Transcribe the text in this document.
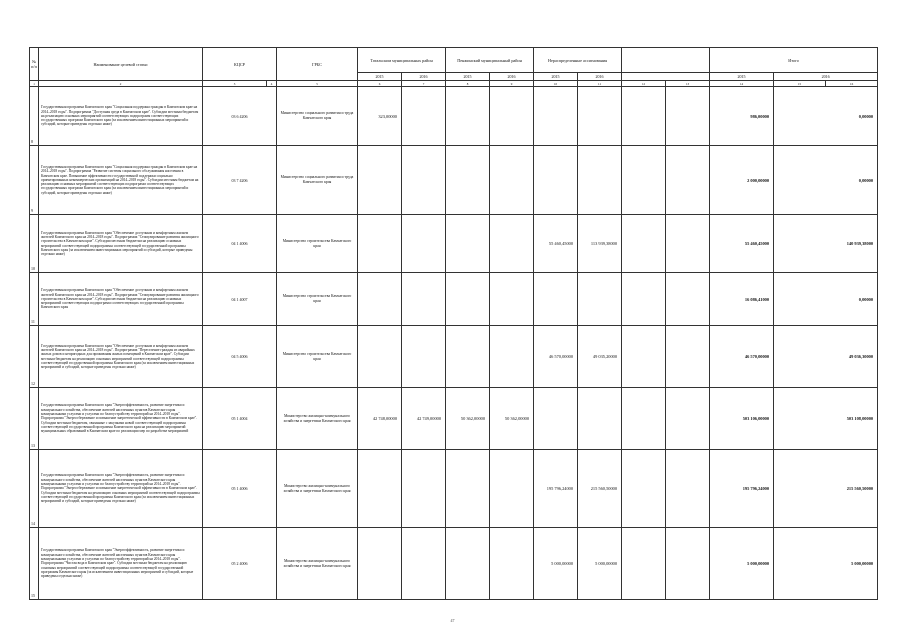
№ п/п	Наименование целевой статьи	КЦСР		ГРБС	Татальским муниципальных район		Пенжинский муниципальный район		Нераспределенные ассигнования				Итого		
					2015	2016	2015	2016	2015	2016			2015	2016	
1	2	3	4	5	6	7	8	9	10	11	12	13	14	15	16
8	Государственная программа Камчатского края "Социальная поддержка граждан в Камчатском крае на 2014–2018 годы". Подпрограмма "Доступная среда в Камчатском крае". Субсидии местным бюджетам на реализацию основных мероприятий соответствующих подпрограмм соответствующих государственных программ Камчатского края (за исключением инвестиционных мероприятий и субсидий, которые приведены отдельно ниже)	03 6 4206		Министерство социального развития и труда Камчатского края	323,00000								986,00000	0,00000	
9	Государственная программа Камчатского края "Социальная поддержка граждан в Камчатском крае на 2014–2018 годы". Подпрограмма "Развитие системы социального обслуживания населения в Камчатском крае. Повышение эффективности государственной поддержки социально ориентированных некоммерческих организаций на 2014–2018 годы". Субсидии местным бюджетам на реализацию основных мероприятий соответствующих подпрограмм соответствующих государственных программ Камчатского края (за исключением инвестиционных мероприятий и субсидий, которые приведены отдельно ниже)	03 7 4206		Министерство социального развития и труда Камчатского края									2 000,00000	0,00000	
10	Государственная программа Камчатского края "Обеспечение доступным и комфортным жильем жителей Камчатского края на 2014–2018 годы". Подпрограмма "Стимулирование развития жилищного строительства в Камчатском крае". Субсидии местным бюджетам на реализацию основных мероприятий соответствующей подпрограммы соответствующей государственной программы Камчатского края (за исключением инвестиционных мероприятий и субсидий, которые приведены отдельно ниже)	04 1 4006		Министерство строительства Камчатского края					55 460,45000	113 939,38000			55 460,45000	140 939,38000	
11	Государственная программа Камчатского края "Обеспечение доступным и комфортным жильем жителей Камчатского края на 2014–2018 годы". Подпрограмма "Стимулирование развития жилищного строительства в Камчатском крае". Субсидии местным бюджетам на реализацию основных мероприятий соответствующих подпрограмм соответствующих государственной программы Камчатского края	04 1 4007		Министерство строительства Камчатского края									16 086,41000	0,00000	
12	Государственная программа Камчатского края "Обеспечение доступным и комфортным жильем жителей Камчатского края на 2014–2018 годы". Подпрограмма "Переселение граждан из аварийных жилых домов и непригодных для проживания жилых помещений в Камчатском крае". Субсидии местным бюджетам на реализацию основных мероприятий соответствующей подпрограммы соответствующей государственной программы Камчатского края (за исключением инвестиционных мероприятий и субсидий, которые приведены отдельно ниже)	04 5 4006		Министерство строительства Камчатского края					46 570,00000	49 035,20000			46 570,00000	49 036,30000	
13	Государственная программа Камчатского края "Энергоэффективность, развитие энергетики и коммунального хозяйства, обеспечение жителей населенных пунктов Камчатского края коммунальными услугами и услугами по благоустройству территорий на 2014–2018 годы". Подпрограмма "Энергосбережение и повышение энергетической эффективности в Камчатском крае". Субсидии местным бюджетам, связанные с закупками новой соответствующей подпрограммы соответствующей государственной программы Камчатского края на реализацию мероприятий муниципальных образований в Камчатском крае по реализации мер по разработке мероприятий	05 1 4004		Министерство жилищно-коммунального хозяйства и энергетики Камчатского края	42 748,00000	42 749,00000	50 362,00000	50 362,00000					503 106,00000	503 108,00000	
14	Государственная программа Камчатского края "Энергоэффективность, развитие энергетики и коммунального хозяйства, обеспечение жителей населенных пунктов Камчатского края коммунальными услугами и услугами по благоустройству территорий на 2014–2018 годы". Подпрограмма "Энергосбережение и повышение энергетической эффективности в Камчатском крае". Субсидии местным бюджетам на реализацию основных мероприятий соответствующей подпрограммы соответствующей государственной программы Камчатского края (за исключением инвестиционных мероприятий и субсидий, которые приведены отдельно ниже)	05 1 4006		Министерство жилищно-коммунального хозяйства и энергетики Камчатского края					195 796,24000	215 560,50000			195 796,24000	215 560,50000	
15	Государственная программа Камчатского края "Энергоэффективность, развитие энергетики и коммунального хозяйства, обеспечение жителей населенных пунктов Камчатского края коммунальными услугами и услугами по благоустройству территорий на 2014–2018 годы". Подпрограмма "Чистая вода в Камчатском крае". Субсидии местным бюджетам на реализацию основных мероприятий соответствующей подпрограммы соответствующей государственной программы Камчатского края (за исключением инвестиционных мероприятий и субсидий, которые приведены отдельно ниже)	05 2 4006		Министерство жилищно-коммунального хозяйства и энергетики Камчатского края					5 000,00000	5 000,00000			5 000,00000	5 000,00000	
47
